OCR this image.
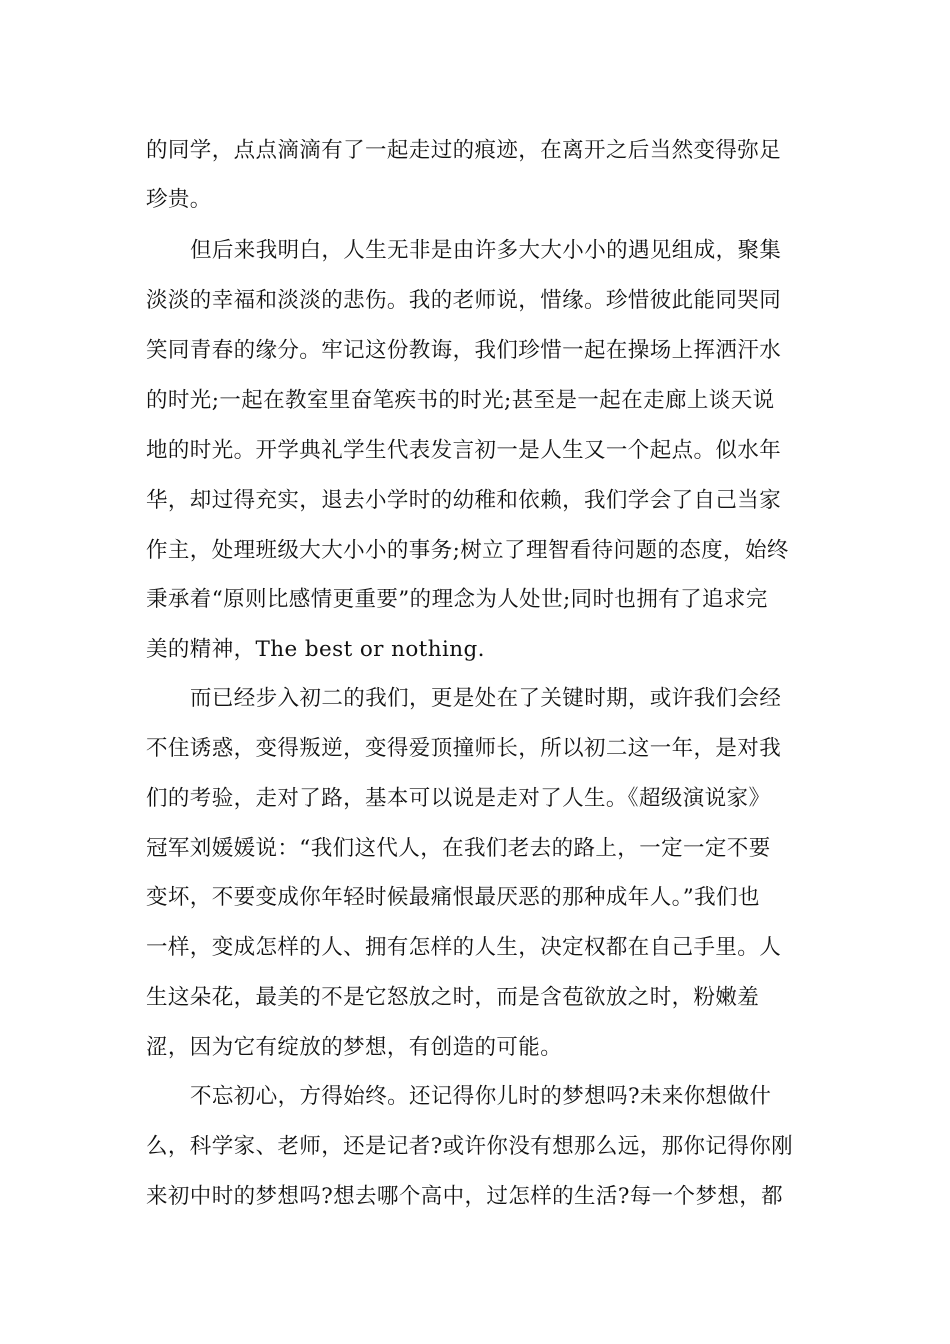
的同学，点点滴滴有了一起走过的痕迹，在离开之后当然变得弥足
珍贵。
但后来我明白，人生无非是由许多大大小小的遇见组成，聚集
淡淡的幸福和淡淡的悲伤。我的老师说，惜缘。珍惜彼此能同哭同
笑同青春的缘分。牢记这份教诲，我们珍惜一起在操场上挥洒汗水
的时光;一起在教室里奋笔疾书的时光;甚至是一起在走廊上谈天说
地的时光。开学典礼学生代表发言初一是人生又一个起点。似水年
华，却过得充实，退去小学时的幼稚和依赖，我们学会了自己当家
作主，处理班级大大小小的事务;树立了理智看待问题的态度，始终
秉承着“原则比感情更重要”的理念为人处世;同时也拥有了追求完
美的精神，The best or nothing.
而已经步入初二的我们，更是处在了关键时期，或许我们会经
不住诱惑，变得叛逆，变得爱顶撞师长，所以初二这一年，是对我
们的考验，走对了路，基本可以说是走对了人生。《超级演说家》
冠军刘媛媛说：“我们这代人，在我们老去的路上，一定一定不要
变坏，不要变成你年轻时候最痛恨最厌恶的那种成年人。”我们也
一样，变成怎样的人、拥有怎样的人生，决定权都在自己手里。人
生这朵花，最美的不是它怒放之时，而是含苞欲放之时，粉嫩羞
涩，因为它有绽放的梦想，有创造的可能。
不忘初心，方得始终。还记得你儿时的梦想吗?未来你想做什
么，科学家、老师，还是记者?或许你没有想那么远，那你记得你刚
来初中时的梦想吗?想去哪个高中，过怎样的生活?每一个梦想，都
